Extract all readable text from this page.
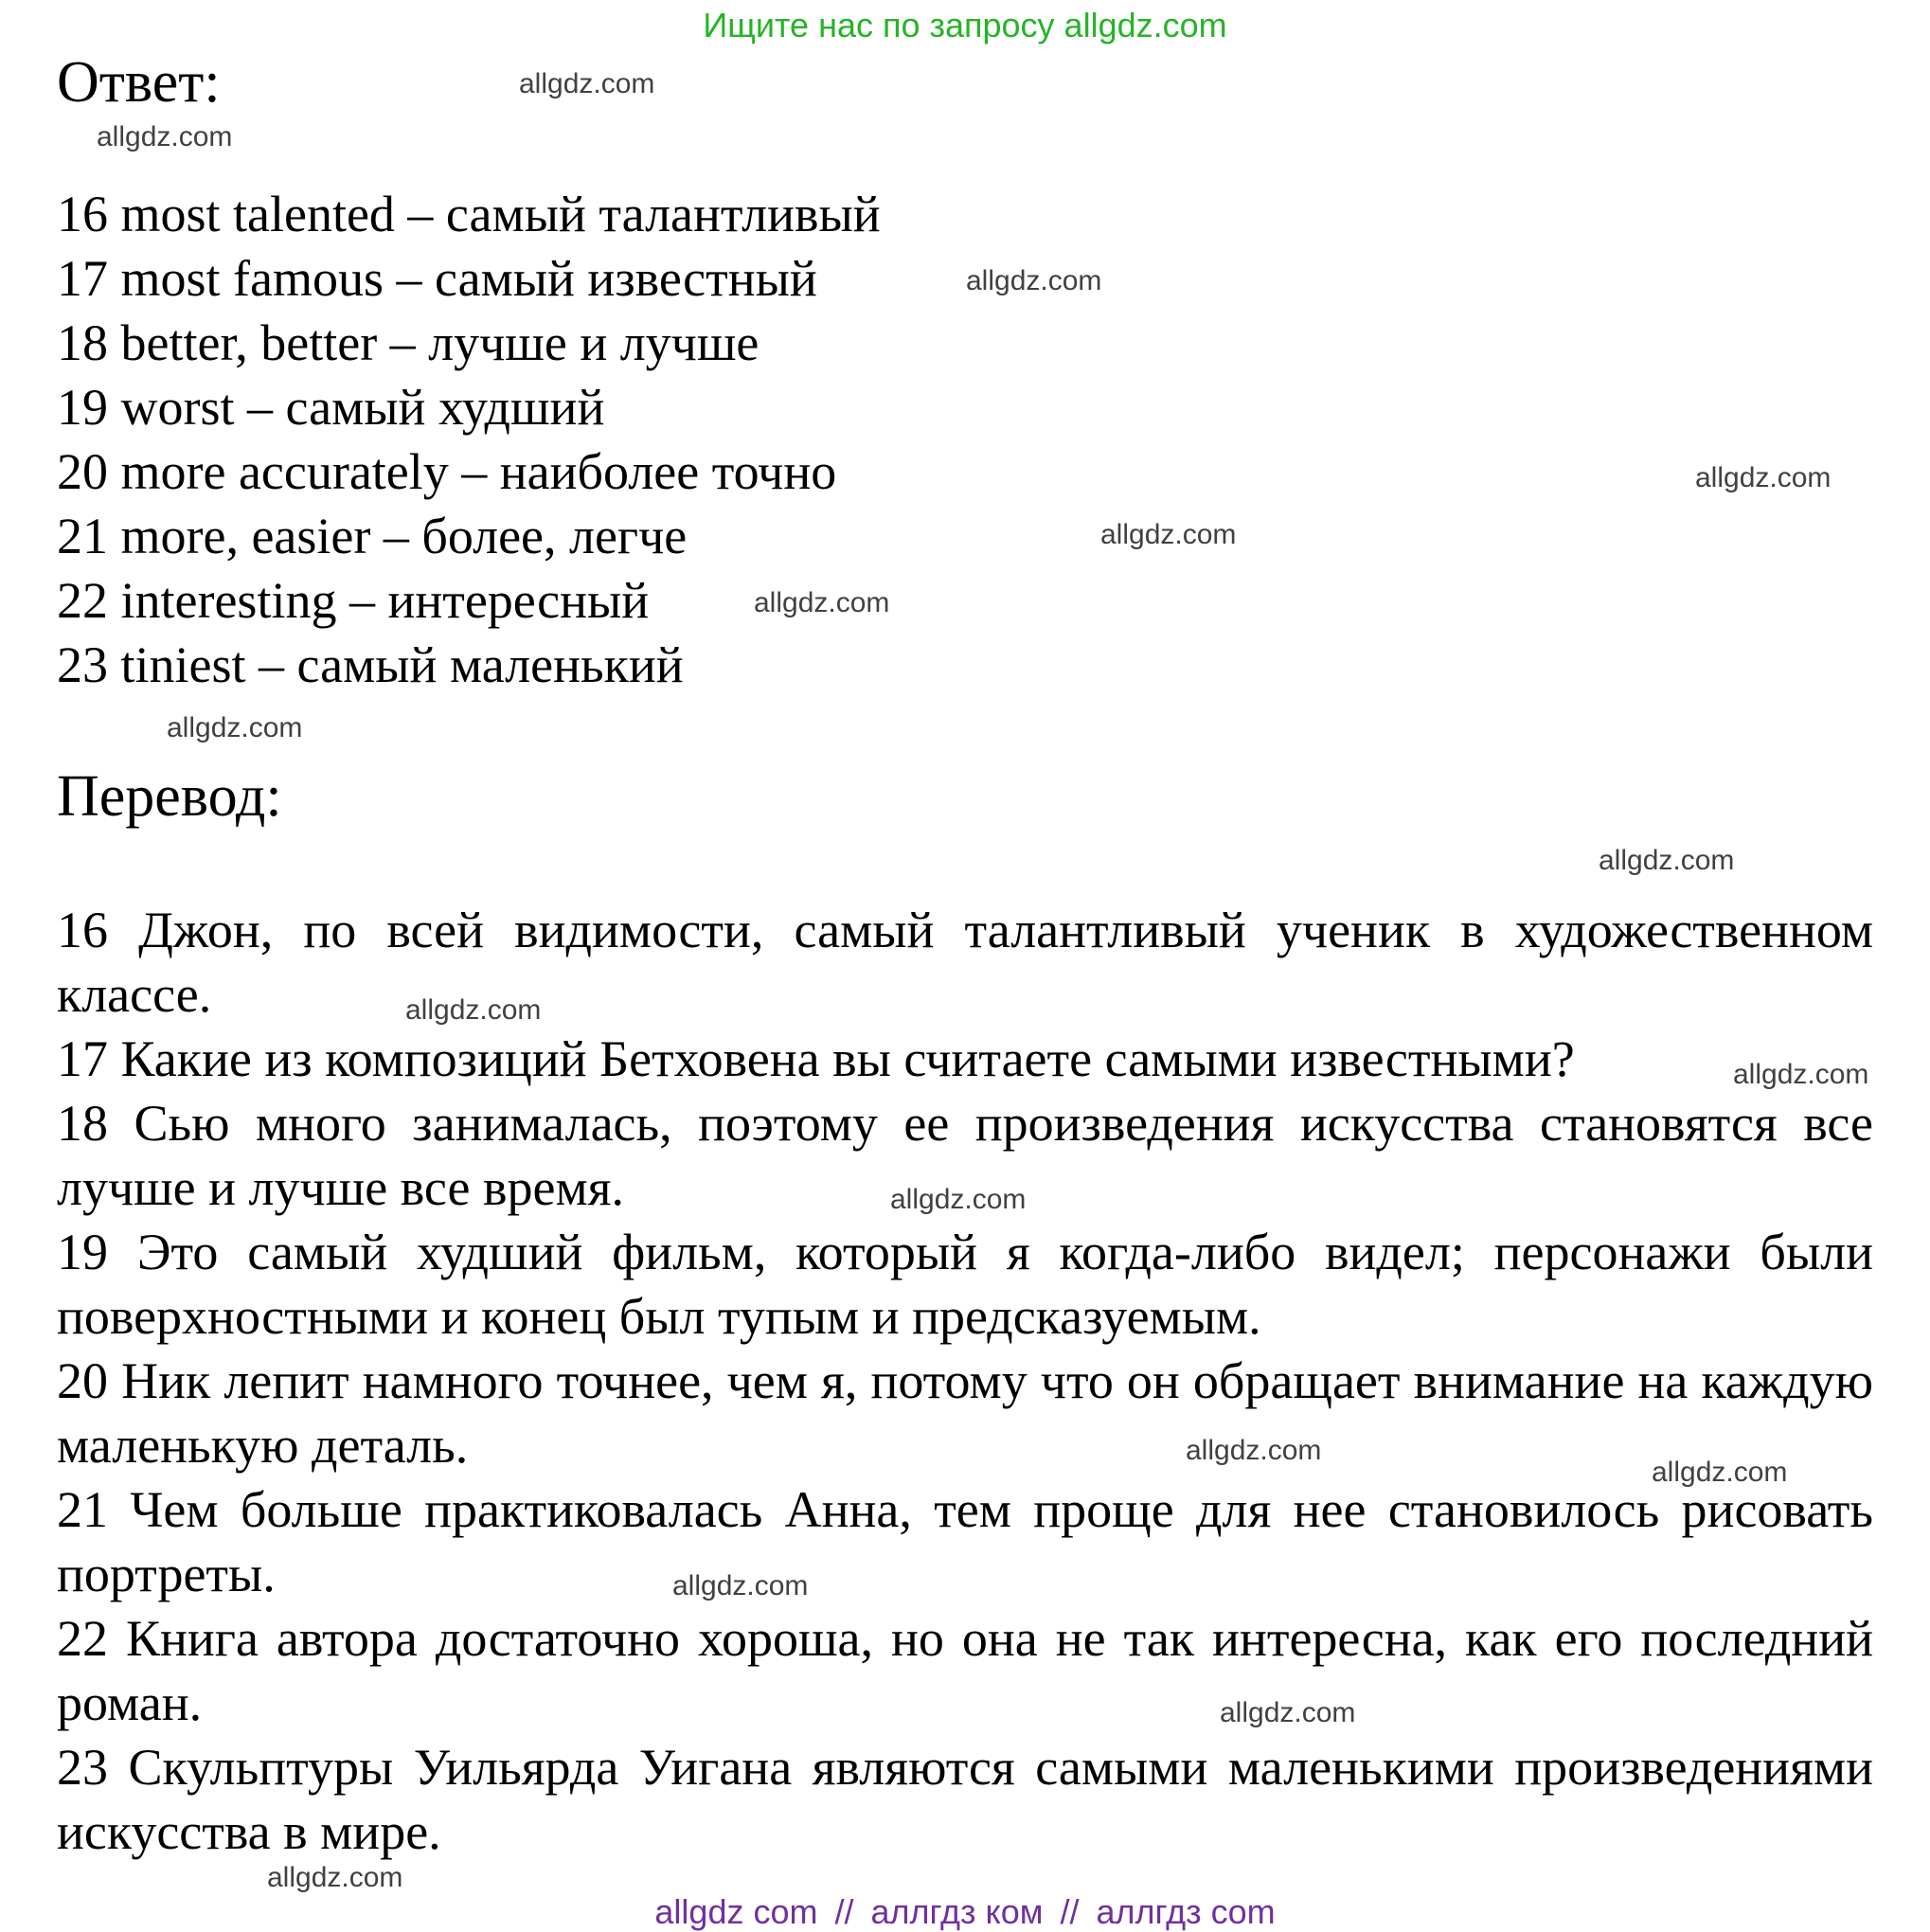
Ищите нас по запросу allgdz.com
Ответ:
16 most talented – самый талантливый
17 most famous – самый известный
18 better, better – лучше и лучше
19 worst – самый худший
20 more accurately – наиболее точно
21 more, easier – более, легче
22 interesting – интересный
23 tiniest – самый маленький
Перевод:

16 Джон, по всей видимости, самый талантливый ученик в художественном классе.

17 Какие из композиций Бетховена вы считаете самыми известными?

18 Сью много занималась, поэтому ее произведения искусства становятся все лучше и лучше все время.

19 Это самый худший фильм, который я когда-либо видел; персонажи были поверхностными и конец был тупым и предсказуемым.

20 Ник лепит намного точнее, чем я, потому что он обращает внимание на каждую маленькую деталь.

21 Чем больше практиковалась Анна, тем проще для нее становилось рисовать портреты.

22 Книга автора достаточно хороша, но она не так интересна, как его последний роман.

23 Скульптуры Уильярда Уигана являются самыми маленькими произведениями искусства в мире.

allgdz.com
allgdz.com
allgdz.com
allgdz.com
allgdz.com
allgdz.com
allgdz.com
allgdz.com
allgdz.com
allgdz.com
allgdz.com
allgdz.com
allgdz.com
allgdz.com
allgdz.com
allgdz.com
allgdz com // аллгдз ком // аллгдз com
